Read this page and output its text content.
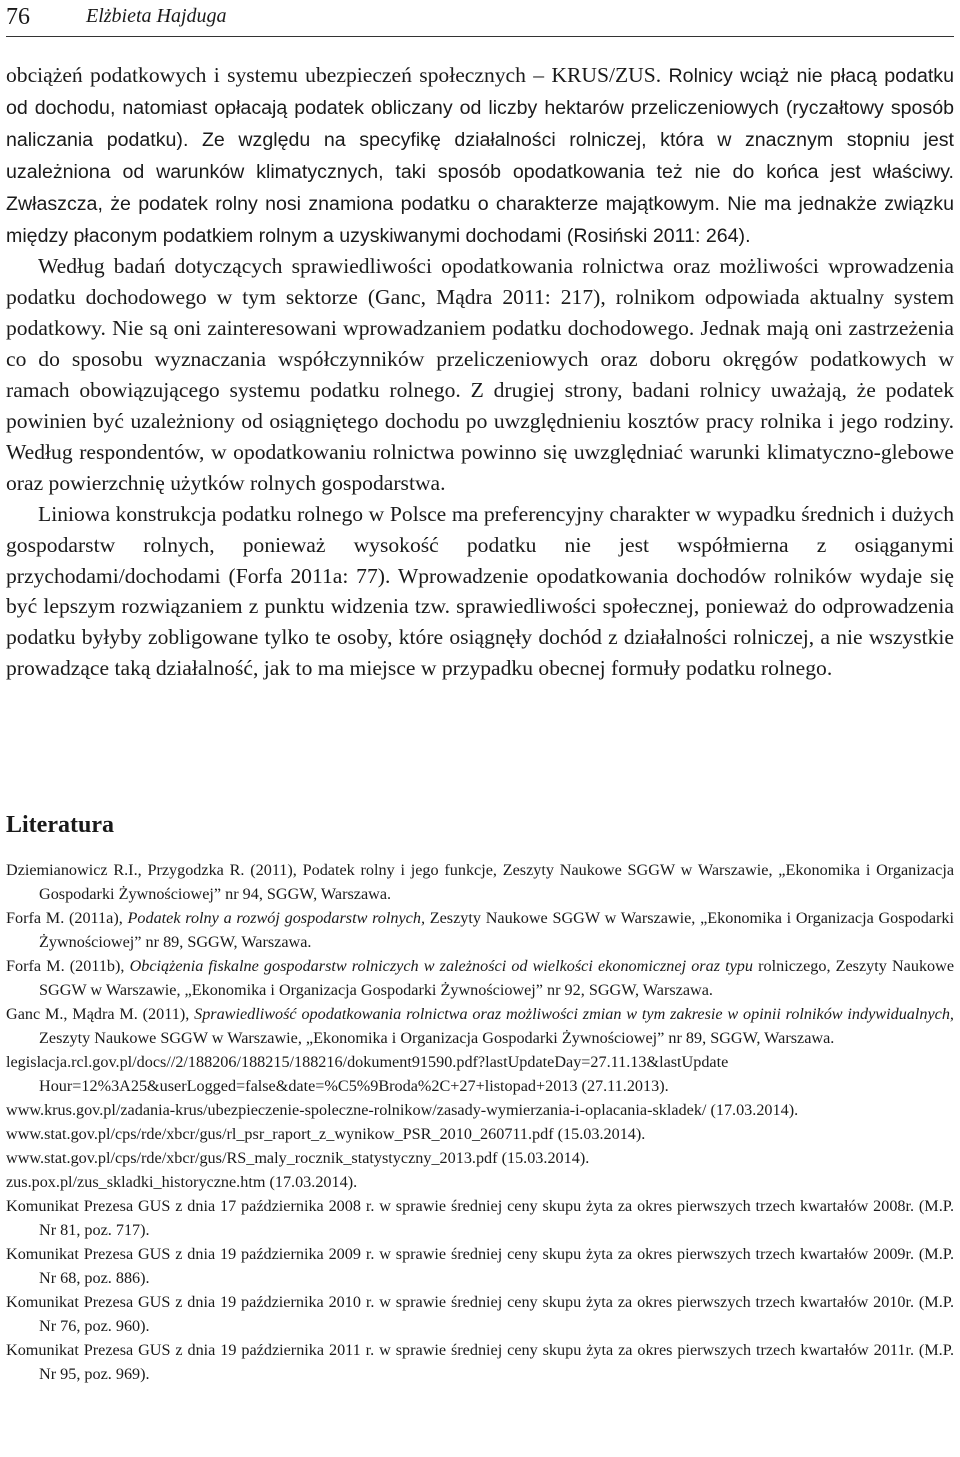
76	Elżbieta Hajduga

obciążeń podatkowych i systemu ubezpieczeń społecznych – KRUS/ZUS. Rolnicy wciąż nie płacą podatku od dochodu, natomiast opłacają podatek obliczany od liczby hektarów przeliczeniowych (ryczałtowy sposób naliczania podatku). Ze względu na specyfikę działalności rolniczej, która w znacznym stopniu jest uzależniona od warunków klimatycznych, taki sposób opodatkowania też nie do końca jest właściwy. Zwłaszcza, że podatek rolny nosi znamiona podatku o charakterze majątkowym. Nie ma jednakże związku między płaconym podatkiem rolnym a uzyskiwanymi dochodami (Rosiński 2011: 264).

Według badań dotyczących sprawiedliwości opodatkowania rolnictwa oraz możliwości wprowadzenia podatku dochodowego w tym sektorze (Ganc, Mądra 2011: 217), rolnikom odpowiada aktualny system podatkowy. Nie są oni zainteresowani wprowadzaniem podatku dochodowego. Jednak mają oni zastrzeżenia co do sposobu wyznaczania współczynników przeliczeniowych oraz doboru okręgów podatkowych w ramach obowiązującego systemu podatku rolnego. Z drugiej strony, badani rolnicy uważają, że podatek powinien być uzależniony od osiągniętego dochodu po uwzględnieniu kosztów pracy rolnika i jego rodziny. Według respondentów, w opodatkowaniu rolnictwa powinno się uwzględniać warunki klimatyczno-glebowe oraz powierzchnię użytków rolnych gospodarstwa.

Liniowa konstrukcja podatku rolnego w Polsce ma preferencyjny charakter w wypadku średnich i dużych gospodarstw rolnych, ponieważ wysokość podatku nie jest współmierna z osiąganymi przychodami/dochodami (Forfa 2011a: 77). Wprowadzenie opodatkowania dochodów rolników wydaje się być lepszym rozwiązaniem z punktu widzenia tzw. sprawiedliwości społecznej, ponieważ do odprowadzenia podatku byłyby zobligowane tylko te osoby, które osiągnęły dochód z działalności rolniczej, a nie wszystkie prowadzące taką działalność, jak to ma miejsce w przypadku obecnej formuły podatku rolnego.

Literatura

Dziemianowicz R.I., Przygodzka R. (2011), Podatek rolny i jego funkcje, Zeszyty Naukowe SGGW w Warszawie, „Ekonomika i Organizacja Gospodarki Żywnościowej” nr 94, SGGW, Warszawa.

Forfa M. (2011a), Podatek rolny a rozwój gospodarstw rolnych, Zeszyty Naukowe SGGW w Warszawie, „Ekonomika i Organizacja Gospodarki Żywnościowej” nr 89, SGGW, Warszawa.

Forfa M. (2011b), Obciążenia fiskalne gospodarstw rolniczych w zależności od wielkości ekonomicznej oraz typu rolniczego, Zeszyty Naukowe SGGW w Warszawie, „Ekonomika i Organizacja Gospodarki Żywnościowej” nr 92, SGGW, Warszawa.

Ganc M., Mądra M. (2011), Sprawiedliwość opodatkowania rolnictwa oraz możliwości zmian w tym zakresie w opinii rolników indywidualnych, Zeszyty Naukowe SGGW w Warszawie, „Ekonomika i Organizacja Gospodarki Żywnościowej” nr 89, SGGW, Warszawa.

legislacja.rcl.gov.pl/docs//2/188206/188215/188216/dokument91590.pdf?lastUpdateDay=27.11.13&lastUpdate Hour=12%3A25&userLogged=false&date=%C5%9Broda%2C+27+listopad+2013 (27.11.2013).

www.krus.gov.pl/zadania-krus/ubezpieczenie-spoleczne-rolnikow/zasady-wymierzania-i-oplacania-skladek/ (17.03.2014).

www.stat.gov.pl/cps/rde/xbcr/gus/rl_psr_raport_z_wynikow_PSR_2010_260711.pdf (15.03.2014).

www.stat.gov.pl/cps/rde/xbcr/gus/RS_maly_rocznik_statystyczny_2013.pdf (15.03.2014).

zus.pox.pl/zus_skladki_historyczne.htm (17.03.2014).

Komunikat Prezesa GUS z dnia 17 października 2008 r. w sprawie średniej ceny skupu żyta za okres pierwszych trzech kwartałów 2008r. (M.P. Nr 81, poz. 717).

Komunikat Prezesa GUS z dnia 19 października 2009 r. w sprawie średniej ceny skupu żyta za okres pierwszych trzech kwartałów 2009r. (M.P. Nr 68, poz. 886).

Komunikat Prezesa GUS z dnia 19 października 2010 r. w sprawie średniej ceny skupu żyta za okres pierwszych trzech kwartałów 2010r. (M.P. Nr 76, poz. 960).

Komunikat Prezesa GUS z dnia 19 października 2011 r. w sprawie średniej ceny skupu żyta za okres pierwszych trzech kwartałów 2011r. (M.P. Nr 95, poz. 969).
